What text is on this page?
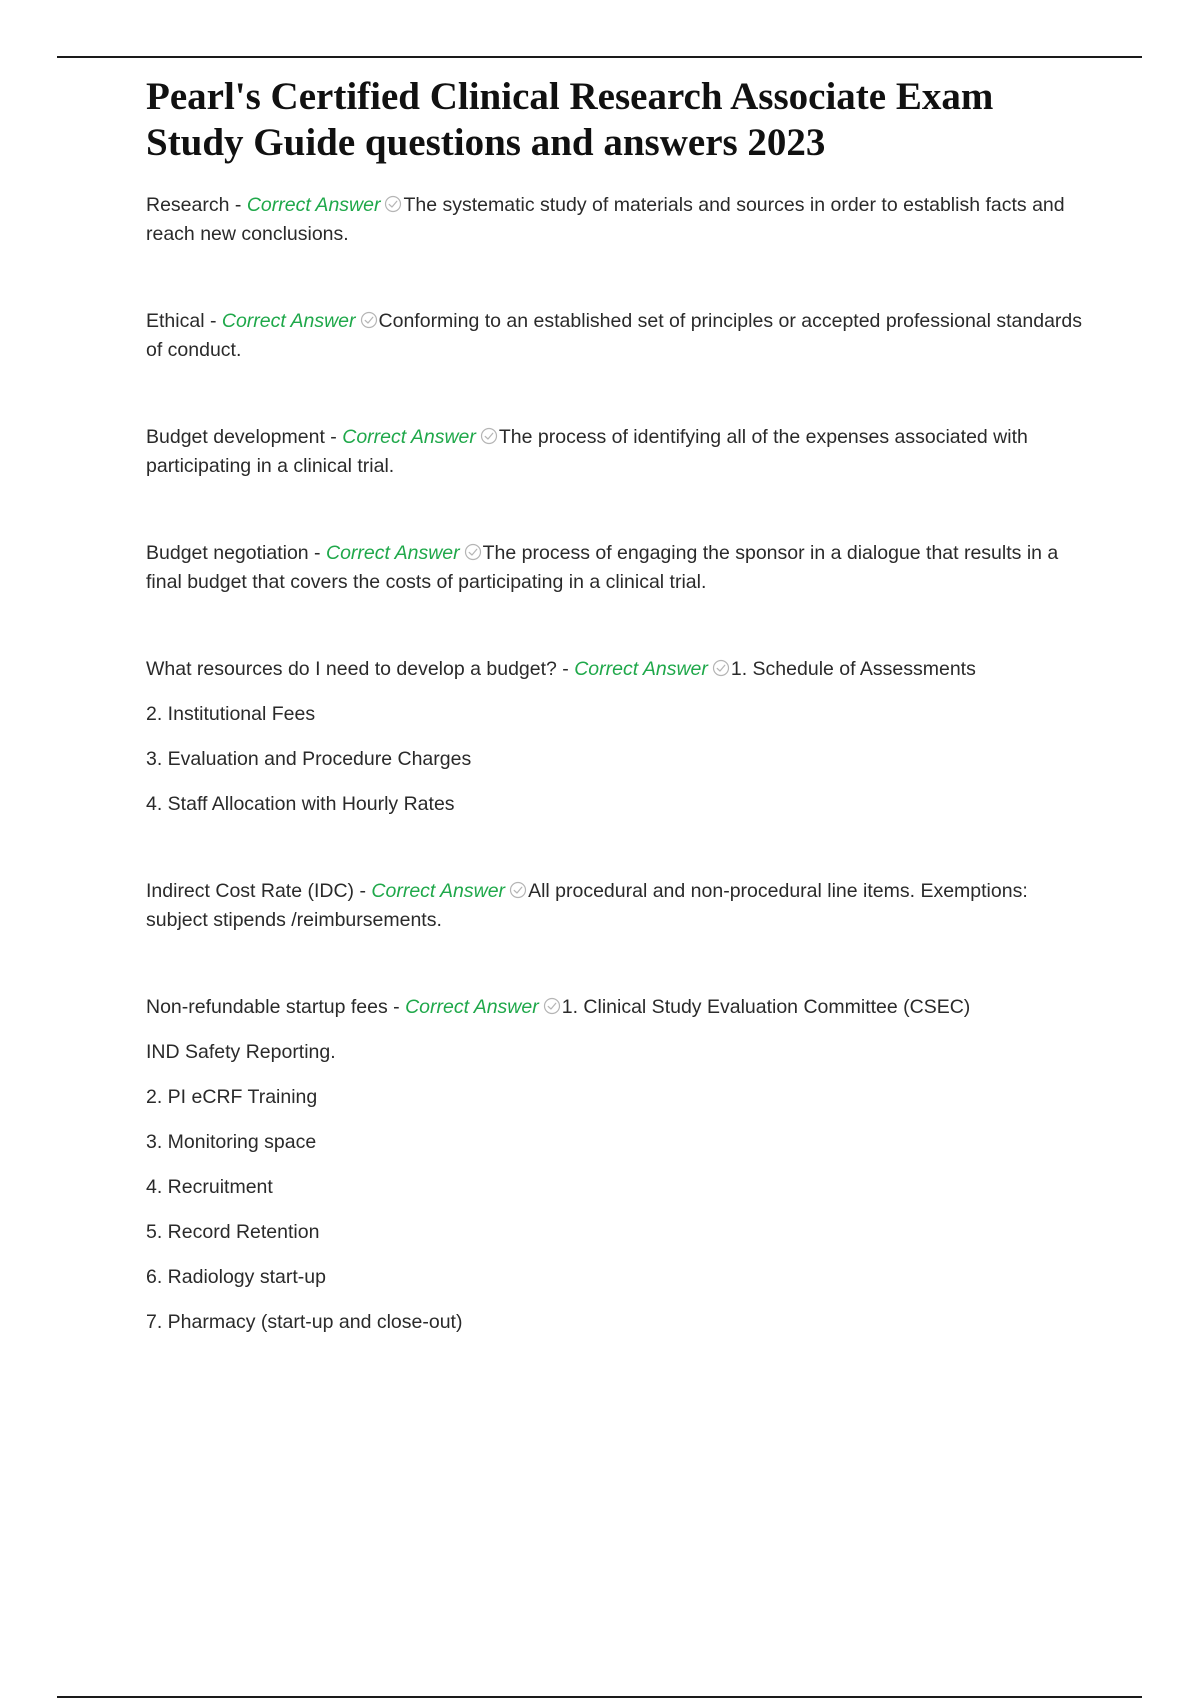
Pearl's Certified Clinical Research Associate Exam Study Guide questions and answers 2023

Research - Correct Answer The systematic study of materials and sources in order to establish facts and reach new conclusions.

Ethical - Correct Answer Conforming to an established set of principles or accepted professional standards of conduct.

Budget development - Correct Answer The process of identifying all of the expenses associated with participating in a clinical trial.

Budget negotiation - Correct Answer The process of engaging the sponsor in a dialogue that results in a final budget that covers the costs of participating in a clinical trial.

What resources do I need to develop a budget? - Correct Answer 1. Schedule of Assessments

2. Institutional Fees

3. Evaluation and Procedure Charges

4. Staff Allocation with Hourly Rates

Indirect Cost Rate (IDC) - Correct Answer All procedural and non-procedural line items. Exemptions: subject stipends /reimbursements.

Non-refundable startup fees - Correct Answer 1. Clinical Study Evaluation Committee (CSEC)

IND Safety Reporting.

2. PI eCRF Training

3. Monitoring space

4. Recruitment

5. Record Retention

6. Radiology start-up

7. Pharmacy (start-up and close-out)
